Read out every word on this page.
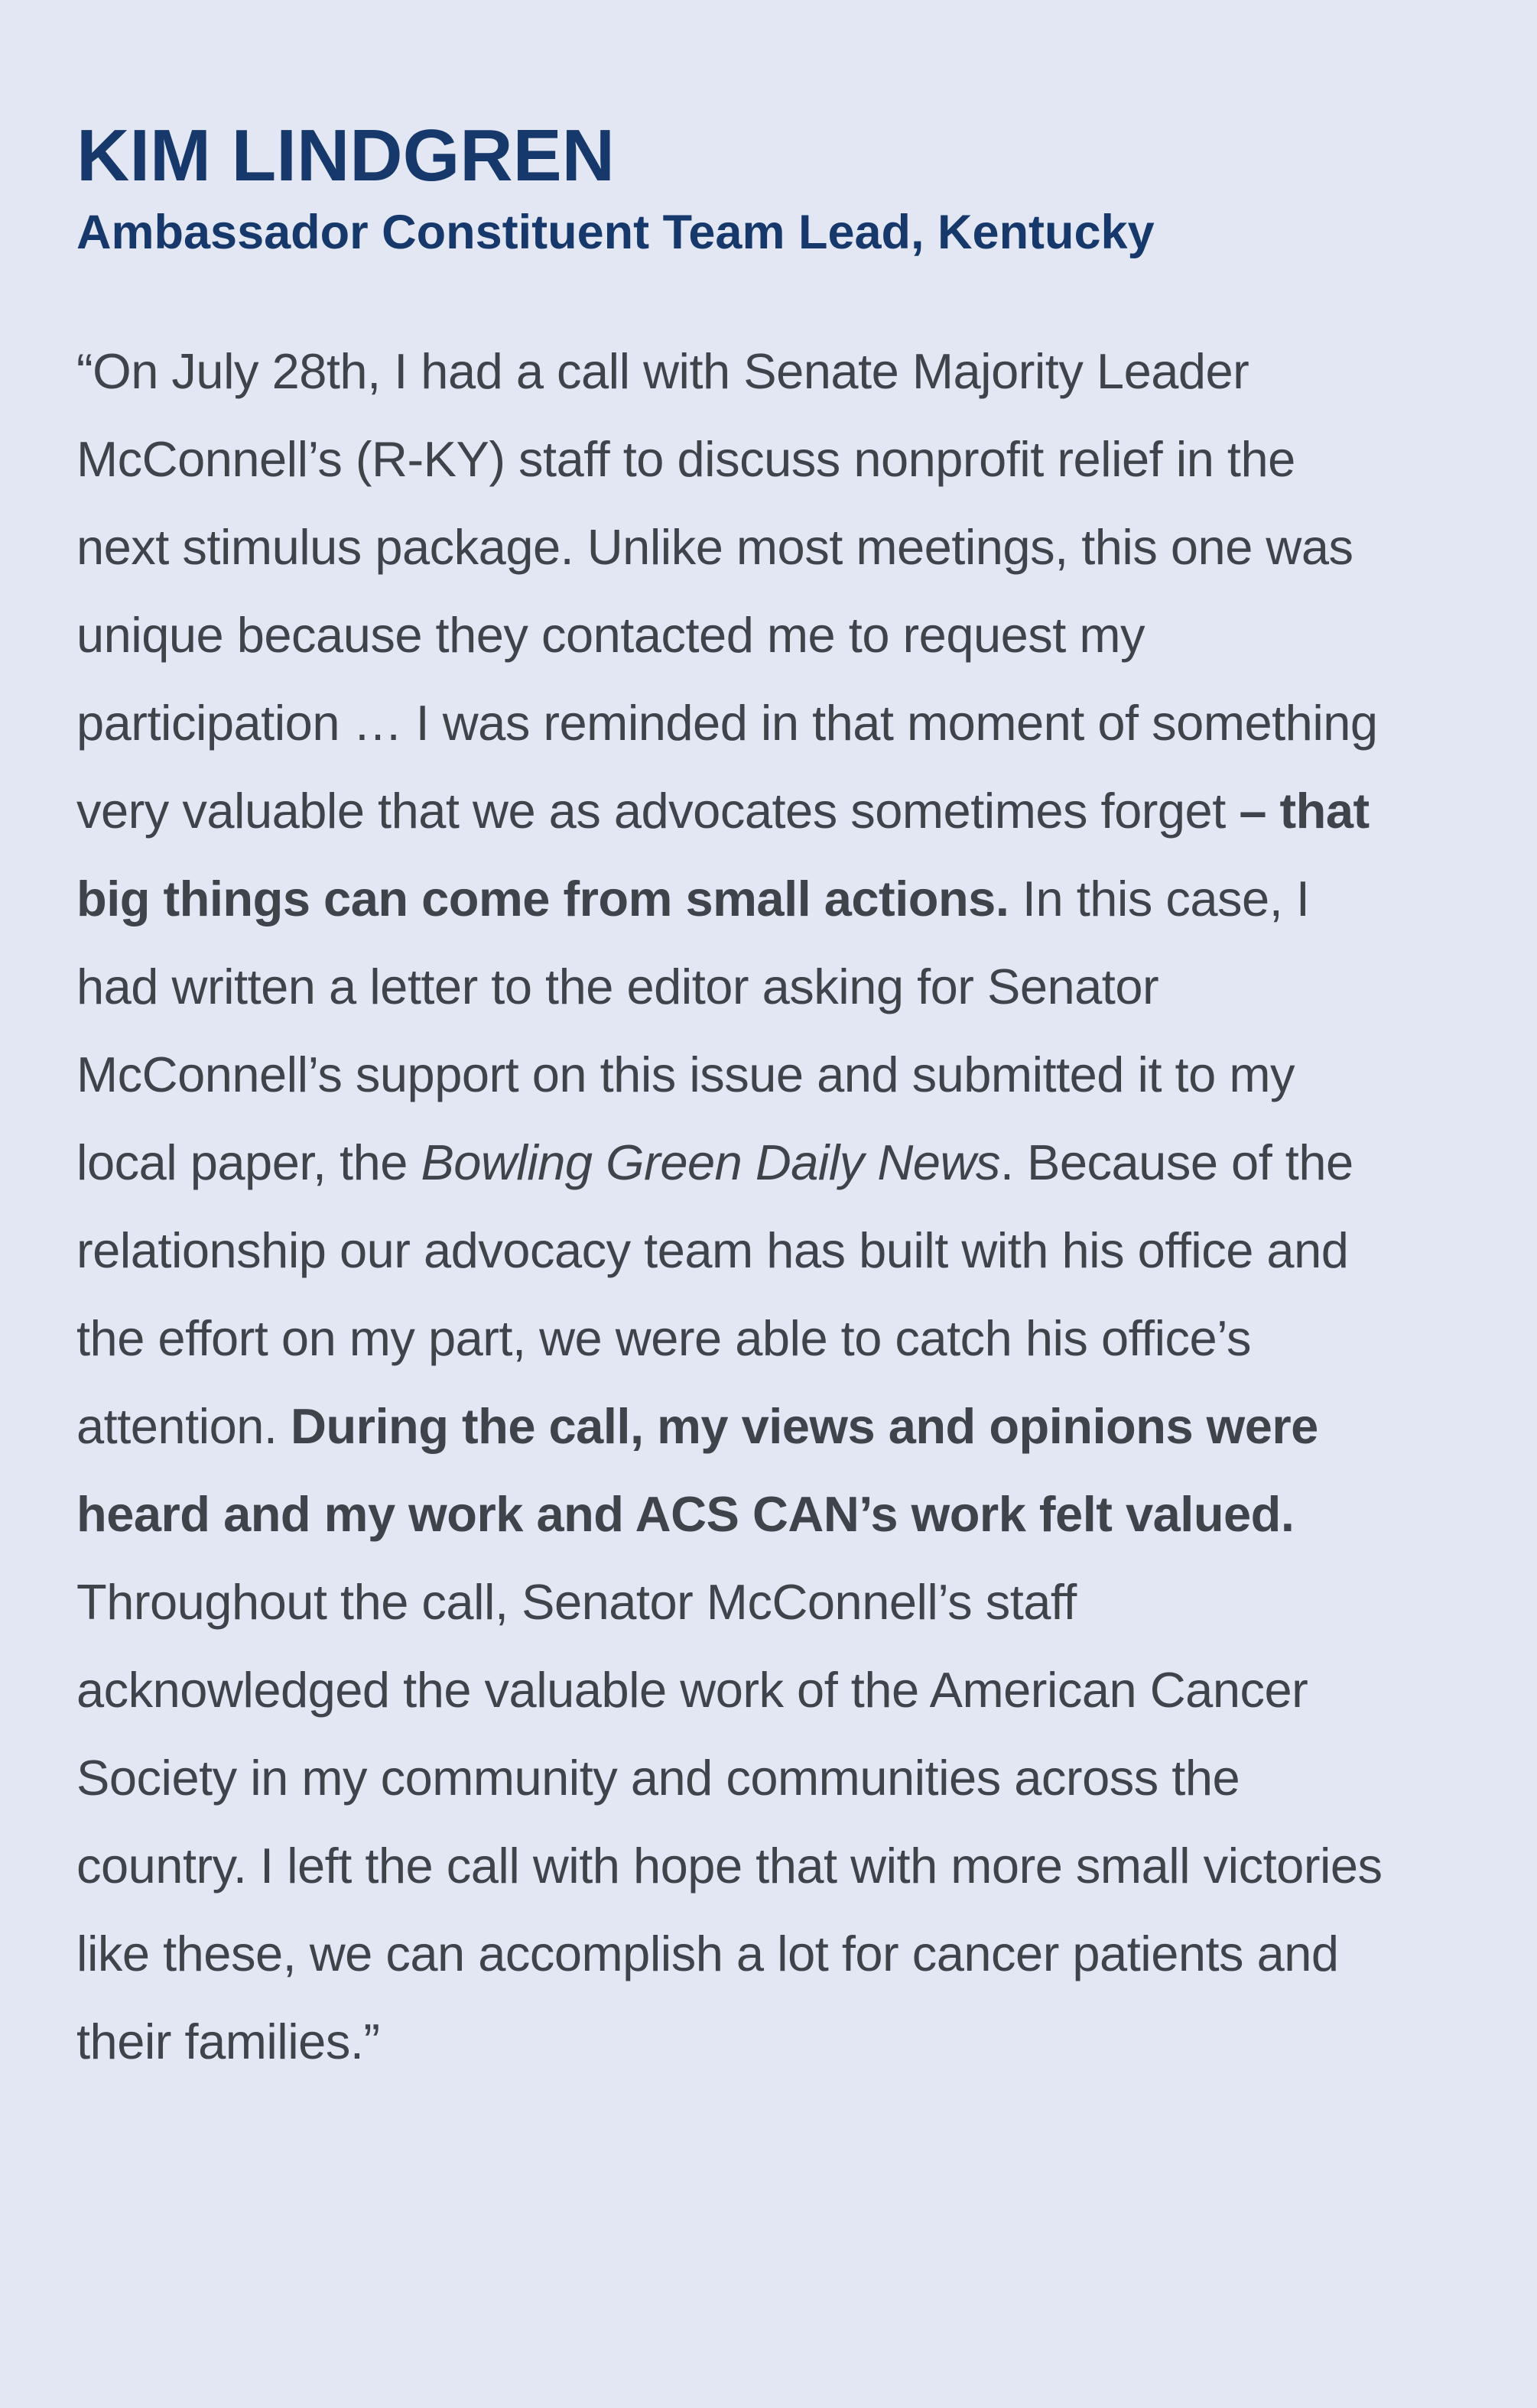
KIM LINDGREN
Ambassador Constituent Team Lead, Kentucky

“On July 28th, I had a call with Senate Majority Leader McConnell’s (R-KY) staff to discuss nonprofit relief in the next stimulus package. Unlike most meetings, this one was unique because they contacted me to request my participation … I was reminded in that moment of something very valuable that we as advocates sometimes forget – that big things can come from small actions. In this case, I had written a letter to the editor asking for Senator McConnell’s support on this issue and submitted it to my local paper, the Bowling Green Daily News. Because of the relationship our advocacy team has built with his office and the effort on my part, we were able to catch his office’s attention. During the call, my views and opinions were heard and my work and ACS CAN’s work felt valued. Throughout the call, Senator McConnell’s staff acknowledged the valuable work of the American Cancer Society in my community and communities across the country. I left the call with hope that with more small victories like these, we can accomplish a lot for cancer patients and their families.”
